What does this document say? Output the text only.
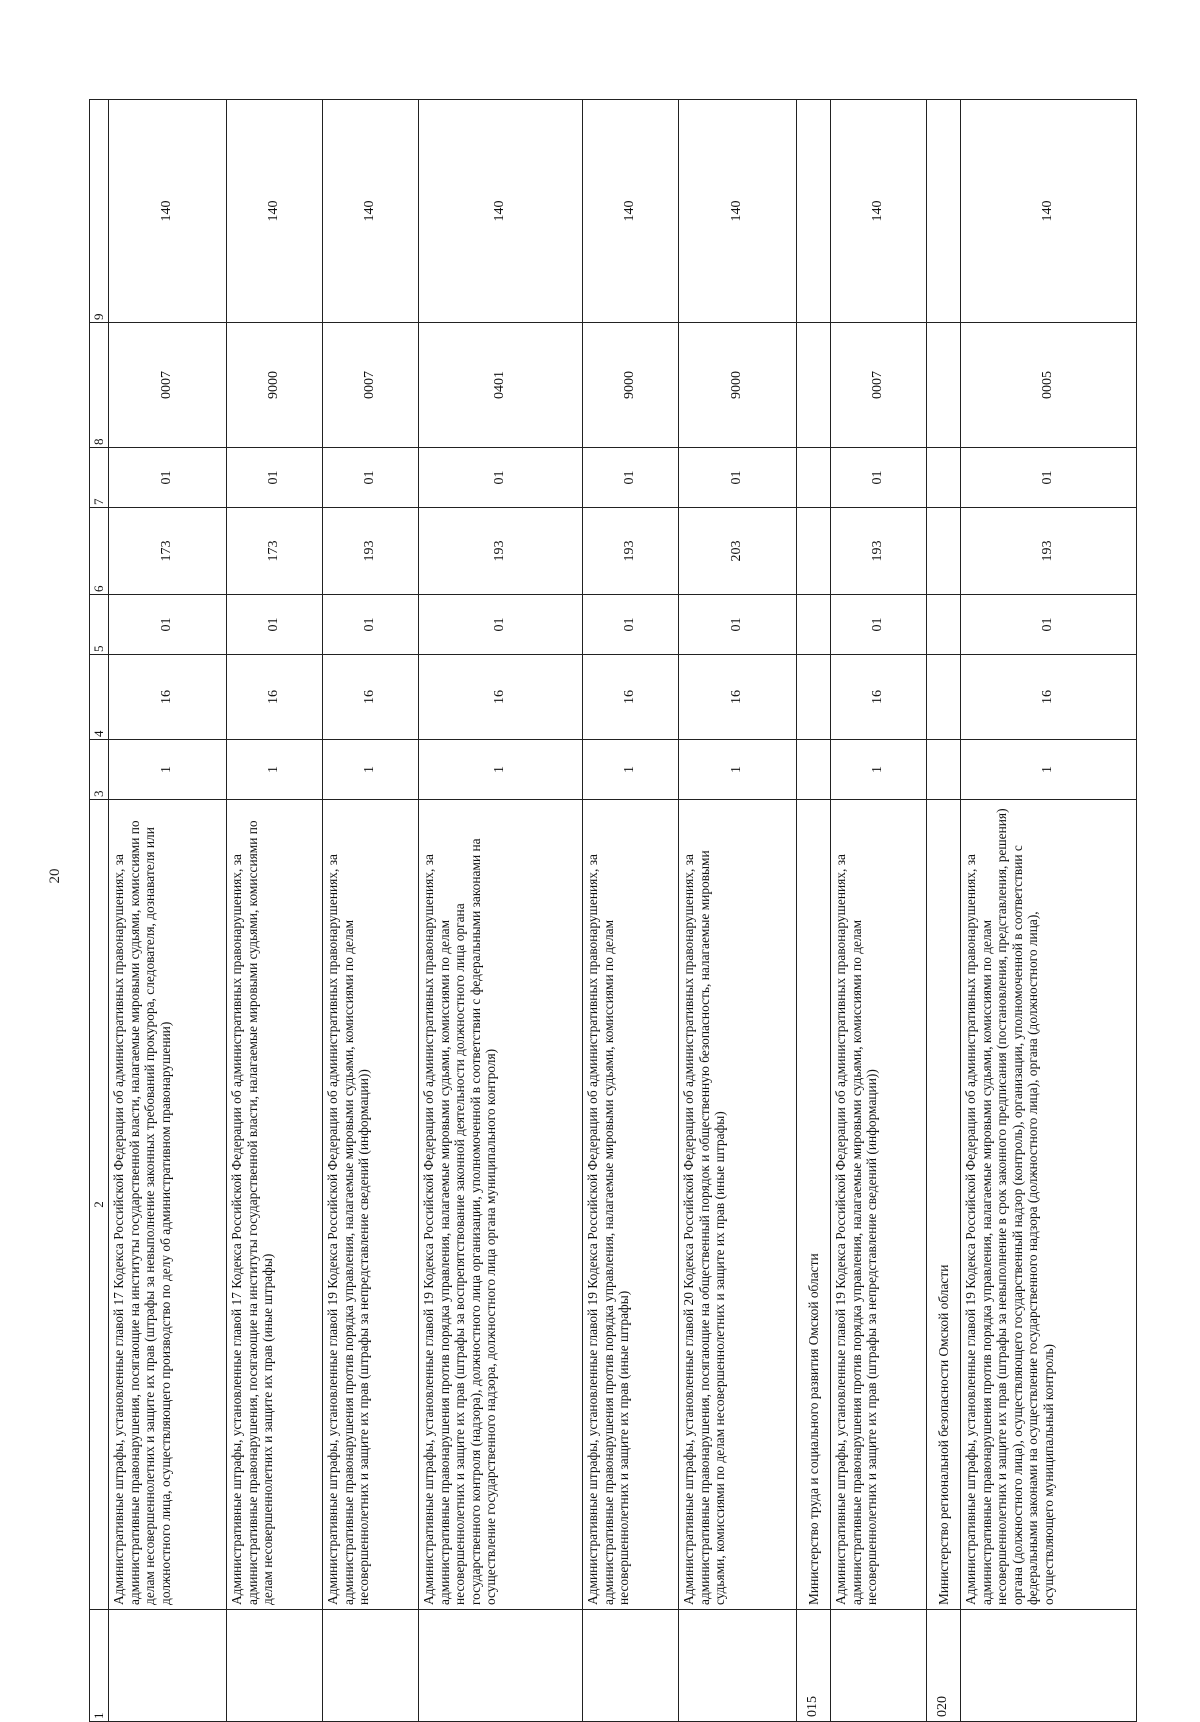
20
1	2	3	4	5	6	7	8	9
	Административные штрафы, установленные главой 17 Кодекса Российской Федерации об административных правонарушениях, за административные правонарушения, посягающие на институты государственной власти, налагаемые мировыми судьями, комиссиями по делам несовершеннолетних и защите их прав (штрафы за невыполнение законных требований прокурора, следователя, дознавателя или должностного лица, осуществляющего производство по делу об административном правонарушении)	1	16	01	173	01	0007	140
	Административные штрафы, установленные главой 17 Кодекса Российской Федерации об административных правонарушениях, за административные правонарушения, посягающие на институты государственной власти, налагаемые мировыми судьями, комиссиями по делам несовершеннолетних и защите их прав (иные штрафы)	1	16	01	173	01	9000	140
	Административные штрафы, установленные главой 19 Кодекса Российской Федерации об административных правонарушениях, за административные правонарушения против порядка управления, налагаемые мировыми судьями, комиссиями по делам несовершеннолетних и защите их прав (штрафы за непредставление сведений (информации))	1	16	01	193	01	0007	140
	Административные штрафы, установленные главой 19 Кодекса Российской Федерации об административных правонарушениях, за административные правонарушения против порядка управления, налагаемые мировыми судьями, комиссиями по делам несовершеннолетних и защите их прав (штрафы за воспрепятствование законной деятельности должностного лица органа государственного контроля (надзора), должностного лица организации, уполномоченной в соответствии с федеральными законами на осуществление государственного надзора, должностного лица органа муниципального контроля)	1	16	01	193	01	0401	140
	Административные штрафы, установленные главой 19 Кодекса Российской Федерации об административных правонарушениях, за административные правонарушения против порядка управления, налагаемые мировыми судьями, комиссиями по делам несовершеннолетних и защите их прав (иные штрафы)	1	16	01	193	01	9000	140
	Административные штрафы, установленные главой 20 Кодекса Российской Федерации об административных правонарушениях, за административные правонарушения, посягающие на общественный порядок и общественную безопасность, налагаемые мировыми судьями, комиссиями по делам несовершеннолетних и защите их прав (иные штрафы)	1	16	01	203	01	9000	140
015	Министерство труда и социального развития Омской области							
	Административные штрафы, установленные главой 19 Кодекса Российской Федерации об административных правонарушениях, за административные правонарушения против порядка управления, налагаемые мировыми судьями, комиссиями по делам несовершеннолетних и защите их прав (штрафы за непредставление сведений (информации))	1	16	01	193	01	0007	140
020	Министерство региональной безопасности Омской области							
	Административные штрафы, установленные главой 19 Кодекса Российской Федерации об административных правонарушениях, за административные правонарушения против порядка управления, налагаемые мировыми судьями, комиссиями по делам несовершеннолетних и защите их прав (штрафы за невыполнение в срок законного предписания (постановления, представления, решения) органа (должностного лица), осуществляющего государственный надзор (контроль), организации, уполномоченной в соответствии с федеральными законами на осуществление государственного надзора (должностного лица), органа (должностного лица), осуществляющего муниципальный контроль)	1	16	01	193	01	0005	140
